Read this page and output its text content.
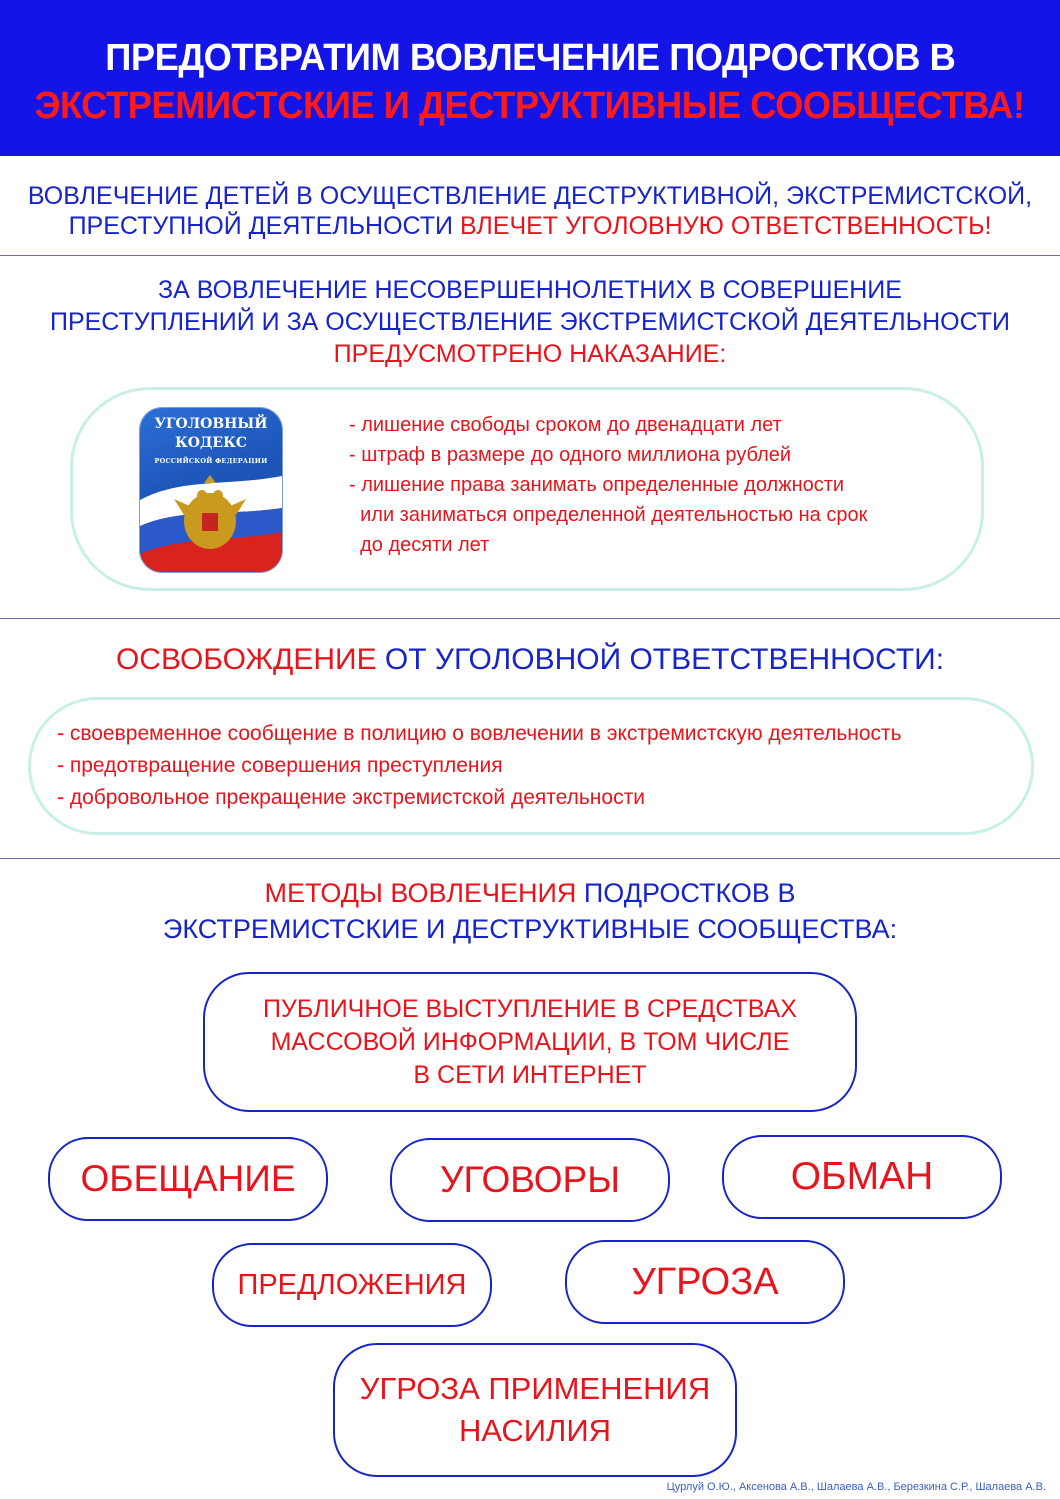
ПРЕДОТВРАТИМ ВОВЛЕЧЕНИЕ ПОДРОСТКОВ В
ЭКСТРЕМИСТСКИЕ И ДЕСТРУКТИВНЫЕ СООБЩЕСТВА!
ВОВЛЕЧЕНИЕ ДЕТЕЙ В ОСУЩЕСТВЛЕНИЕ ДЕСТРУКТИВНОЙ, ЭКСТРЕМИСТСКОЙ,
ПРЕСТУПНОЙ ДЕЯТЕЛЬНОСТИ ВЛЕЧЕТ УГОЛОВНУЮ ОТВЕТСТВЕННОСТЬ!
ЗА ВОВЛЕЧЕНИЕ НЕСОВЕРШЕННОЛЕТНИХ В СОВЕРШЕНИЕ
ПРЕСТУПЛЕНИЙ И ЗА ОСУЩЕСТВЛЕНИЕ ЭКСТРЕМИСТСКОЙ ДЕЯТЕЛЬНОСТИ
ПРЕДУСМОТРЕНО НАКАЗАНИЕ:
УГОЛОВНЫЙ
КОДЕКС
РОССИЙСКОЙ ФЕДЕРАЦИИ
- лишение свободы сроком до двенадцати лет
- штраф в размере до одного миллиона рублей
- лишение права занимать определенные должности
или заниматься определенной деятельностью на срок
до десяти лет
ОСВОБОЖДЕНИЕ ОТ УГОЛОВНОЙ ОТВЕТСТВЕННОСТИ:
- своевременное сообщение в полицию о вовлечении в экстремистскую деятельность
- предотвращение совершения преступления
- добровольное прекращение экстремистской деятельности
МЕТОДЫ ВОВЛЕЧЕНИЯ ПОДРОСТКОВ В
ЭКСТРЕМИСТСКИЕ И ДЕСТРУКТИВНЫЕ СООБЩЕСТВА:
ПУБЛИЧНОЕ ВЫСТУПЛЕНИЕ В СРЕДСТВАХ
МАССОВОЙ ИНФОРМАЦИИ, В ТОМ ЧИСЛЕ
В СЕТИ ИНТЕРНЕТ
ОБЕЩАНИЕ	УГОВОРЫ	ОБМАН
ПРЕДЛОЖЕНИЯ	УГРОЗА
УГРОЗА ПРИМЕНЕНИЯ
НАСИЛИЯ
Цурлуй О.Ю., Аксенова А.В., Шалаева А.В., Березкина С.Р., Шалаева А.В.
